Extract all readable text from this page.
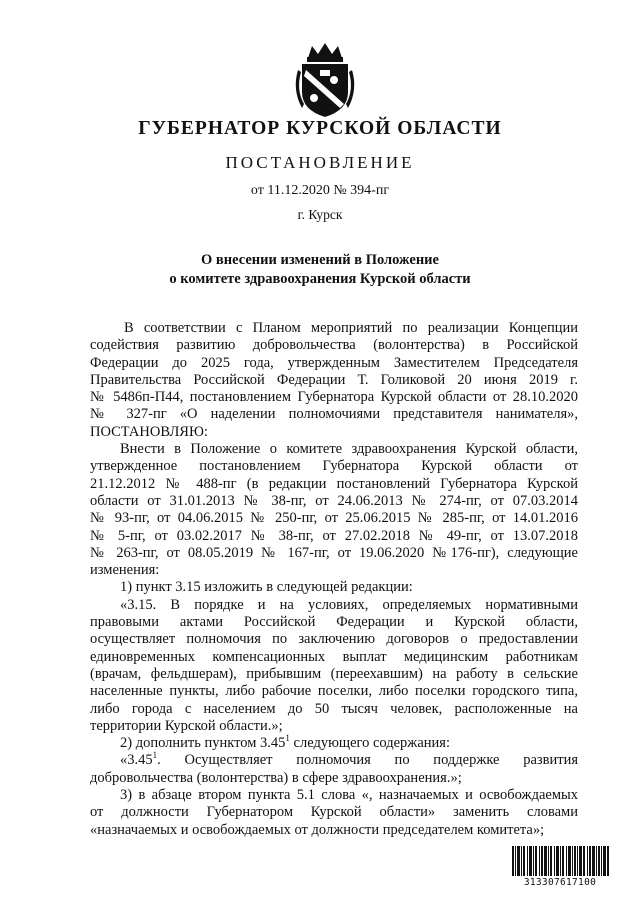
ГУБЕРНАТОР КУРСКОЙ ОБЛАСТИ
ПОСТАНОВЛЕНИЕ
от 11.12.2020 № 394-пг
г. Курск
О внесении изменений в Положение
о комитете здравоохранения Курской области

В соответствии с Планом мероприятий по реализации Концепции

содействия развитию добровольчества (волонтерства) в Российской

Федерации до 2025 года, утвержденным Заместителем Председателя

Правительства Российской Федерации Т. Голиковой 20 июня 2019 г.

№ 5486п-П44, постановлением Губернатора Курской области от 28.10.2020

№ 327-пг «О наделении полномочиями представителя нанимателя»,

ПОСТАНОВЛЯЮ:

Внести в Положение о комитете здравоохранения Курской области,

утвержденное постановлением Губернатора Курской области от

21.12.2012 № 488-пг (в редакции постановлений Губернатора Курской

области от 31.01.2013 № 38-пг, от 24.06.2013 № 274-пг, от 07.03.2014

№ 93-пг, от 04.06.2015 № 250-пг, от 25.06.2015 № 285-пг, от 14.01.2016

№ 5-пг, от 03.02.2017 № 38-пг, от 27.02.2018 № 49-пг, от 13.07.2018

№ 263-пг, от 08.05.2019 № 167-пг, от 19.06.2020 №176-пг), следующие

изменения:

1) пункт 3.15 изложить в следующей редакции:

«3.15. В порядке и на условиях, определяемых нормативными

правовыми актами Российской Федерации и Курской области,

осуществляет полномочия по заключению договоров о предоставлении

единовременных компенсационных выплат медицинским работникам

(врачам, фельдшерам), прибывшим (переехавшим) на работу в сельские

населенные пункты, либо рабочие поселки, либо поселки городского типа,

либо города с населением до 50 тысяч человек, расположенные на

территории Курской области.»;

2) дополнить пунктом 3.45$^1$ следующего содержания:

«3.45$^1$. Осуществляет полномочия по поддержке развития

добровольчества (волонтерства) в сфере здравоохранения.»;

3) в абзаце втором пункта 5.1 слова «, назначаемых и освобождаемых

от должности Губернатором Курской области» заменить словами

«назначаемых и освобождаемых от должности председателем комитета»;

313307617100
